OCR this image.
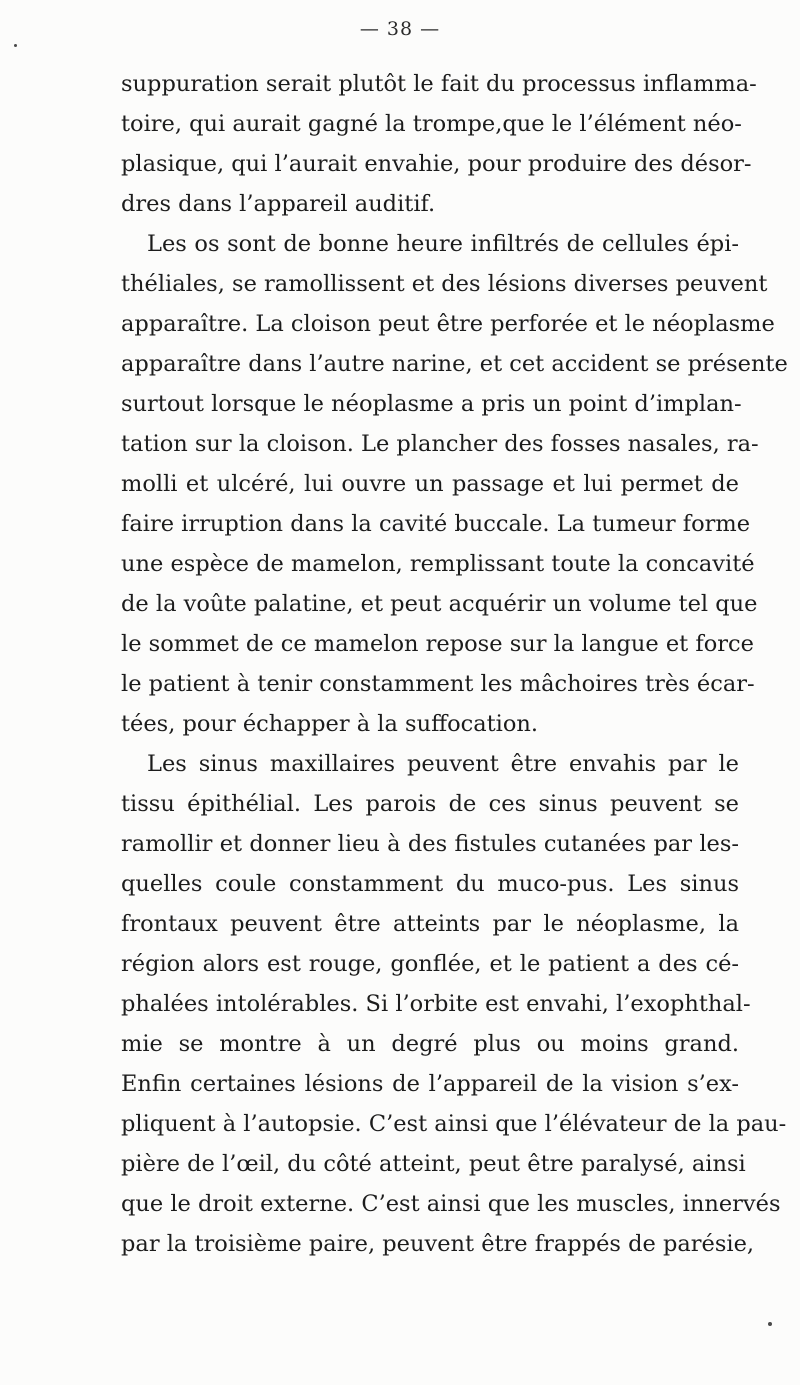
— 38 —
suppuration serait plutôt le fait du processus inflamma-
toire, qui aurait gagné la trompe,que le l’élément néo-
plasique, qui l’aurait envahie, pour produire des désor-
dres dans l’appareil auditif.
Les os sont de bonne heure infiltrés de cellules épi-
théliales, se ramollissent et des lésions diverses peuvent
apparaître. La cloison peut être perforée et le néoplasme
apparaître dans l’autre narine, et cet accident se présente
surtout lorsque le néoplasme a pris un point d’implan-
tation sur la cloison. Le plancher des fosses nasales, ra-
molli et ulcéré, lui ouvre un passage et lui permet de
faire irruption dans la cavité buccale. La tumeur forme
une espèce de mamelon, remplissant toute la concavité
de la voûte palatine, et peut acquérir un volume tel que
le sommet de ce mamelon repose sur la langue et force
le patient à tenir constamment les mâchoires très écar-
tées, pour échapper à la suffocation.
Les sinus maxillaires peuvent être envahis par le
tissu épithélial. Les parois de ces sinus peuvent se
ramollir et donner lieu à des fistules cutanées par les-
quelles coule constamment du muco-pus. Les sinus
frontaux peuvent être atteints par le néoplasme, la
région alors est rouge, gonflée, et le patient a des cé-
phalées intolérables. Si l’orbite est envahi, l’exophthal-
mie se montre à un degré plus ou moins grand.
Enfin certaines lésions de l’appareil de la vision s’ex-
pliquent à l’autopsie. C’est ainsi que l’élévateur de la pau-
pière de l’œil, du côté atteint, peut être paralysé, ainsi
que le droit externe. C’est ainsi que les muscles, innervés
par la troisième paire, peuvent être frappés de parésie,
